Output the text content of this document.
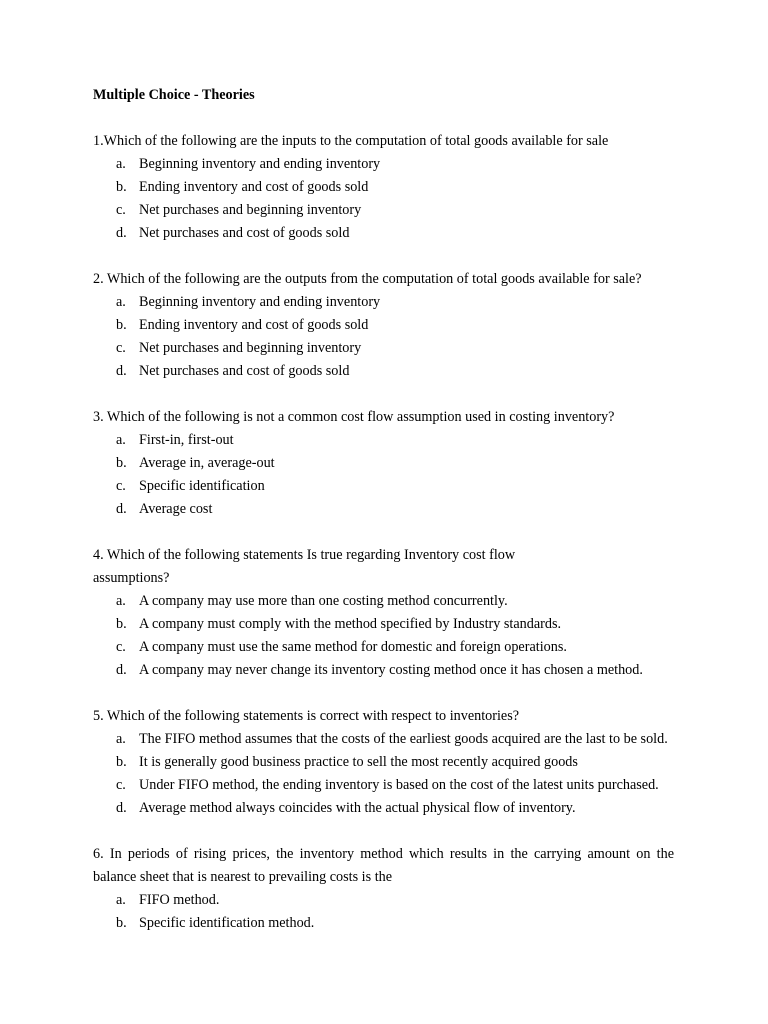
Multiple Choice - Theories

1.Which of the following are the inputs to the computation of total goods available for sale

a. Beginning inventory and ending inventory
b. Ending inventory and cost of goods sold
c. Net purchases and beginning inventory
d. Net purchases and cost of goods sold

2. Which of the following are the outputs from the computation of total goods available for sale?

a. Beginning inventory and ending inventory
b. Ending inventory and cost of goods sold
c. Net purchases and beginning inventory
d. Net purchases and cost of goods sold

3. Which of the following is not a common cost flow assumption used in costing inventory?

a. First-in, first-out
b. Average in, average-out
c. Specific identification
d. Average cost

4. Which of the following statements Is true regarding Inventory cost flow
assumptions?

a. A company may use more than one costing method concurrently.
b. A company must comply with the method specified by Industry standards.
c. A company must use the same method for domestic and foreign operations.
d. A company may never change its inventory costing method once it has chosen a method.

5. Which of the following statements is correct with respect to inventories?

a. The FIFO method assumes that the costs of the earliest goods acquired are the last to be sold.
b. It is generally good business practice to sell the most recently acquired goods
c. Under FIFO method, the ending inventory is based on the cost of the latest units purchased.
d. Average method always coincides with the actual physical flow of inventory.

6. In periods of rising prices, the inventory method which results in the carrying amount on the balance sheet that is nearest to prevailing costs is the

a. FIFO method.
b. Specific identification method.
